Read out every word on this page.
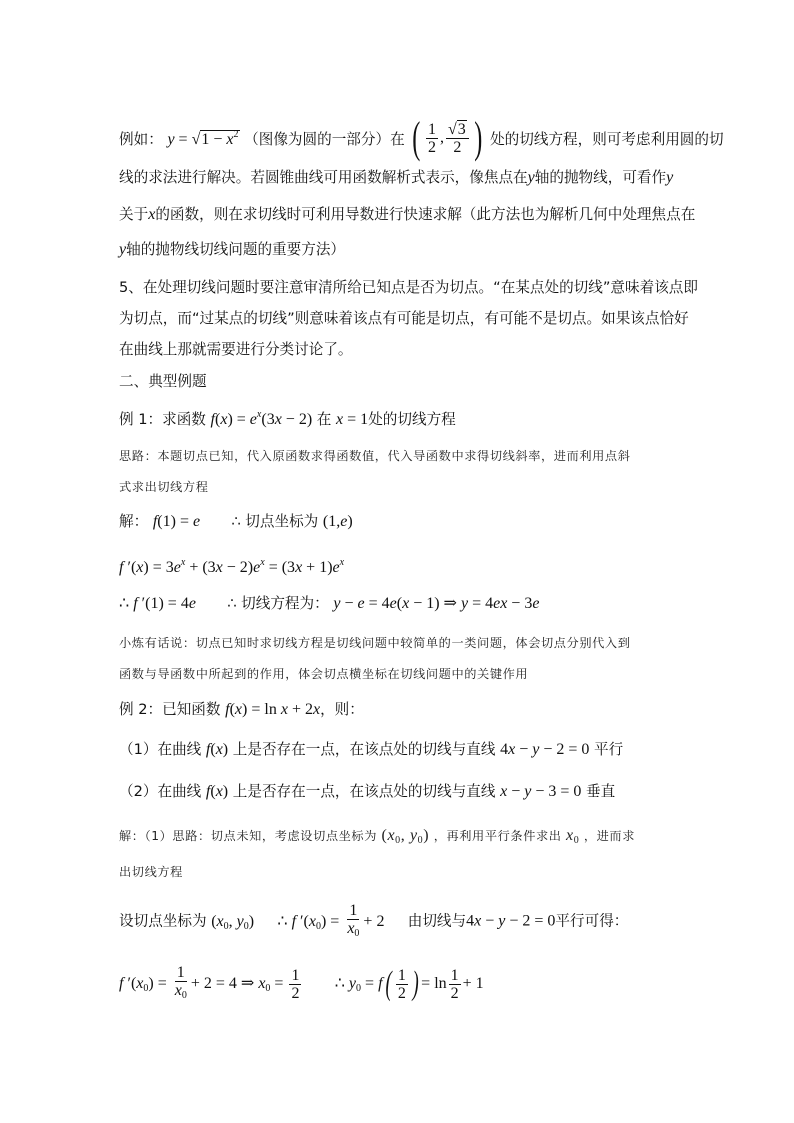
例如： $y = √1 - x^2$ （图像为圆的一部分）在 ( $\frac{1}{2}$ , $\frac{√3}{2}$ ) 处的切线方程，则可考虑利用圆的切
线的求法进行解决。若圆锥曲线可用函数解析式表示，像焦点在y轴的抛物线，可看作y
关于x的函数，则在求切线时可利用导数进行快速求解（此方法也为解析几何中处理焦点在
y轴的抛物线切线问题的重要方法）
5、在处理切线问题时要注意审清所给已知点是否为切点。“在某点处的切线”意味着该点即
为切点，而“过某点的切线”则意味着该点有可能是切点，有可能不是切点。如果该点恰好
在曲线上那就需要进行分类讨论了。
二、典型例题
例 1：求函数 $f(x) = e^x(3x - 2)$ 在 x = 1处的切线方程
思路：本题切点已知，代入原函数求得函数值，代入导函数中求得切线斜率，进而利用点斜
式求出切线方程
解： f(1) = e ∴ 切点坐标为 (1,e)
f $'(x) = 3e^x + (3x - 2)e^x = (3x + 1)e^x$
∴ f ′(1) = 4e ∴ 切线方程为： y − e = 4e(x − 1) ⇒ y = 4ex − 3e
小炼有话说：切点已知时求切线方程是切线问题中较简单的一类问题，体会切点分别代入到
函数与导函数中所起到的作用，体会切点横坐标在切线问题中的关键作用
例 2：已知函数 f(x) = ln x + 2x，则：
（1）在曲线 f(x) 上是否存在一点，在该点处的切线与直线 4x − y − 2 = 0 平行
（2）在曲线 f(x) 上是否存在一点，在该点处的切线与直线 x − y − 3 = 0 垂直
解：（1）思路：切点未知，考虑设切点坐标为 ($x_0$, $y_0$) ，再利用平行条件求出 $x_0$ ，进而求
出切线方程
设切点坐标为 ($x_0$, $y_0$) ∴ f $'(x_0) = \frac{1}{x_0} + 2$ 由切线与4x − y − 2 = 0平行可得：
f $'(x_0) = \frac{1}{x_0} + 2 = 4$ ⇒ $x_0 = \frac{1}{2}$ ∴ $y_0 = f( \frac{1}{2}$ ) = $\ln \frac{1}{2} + 1$
